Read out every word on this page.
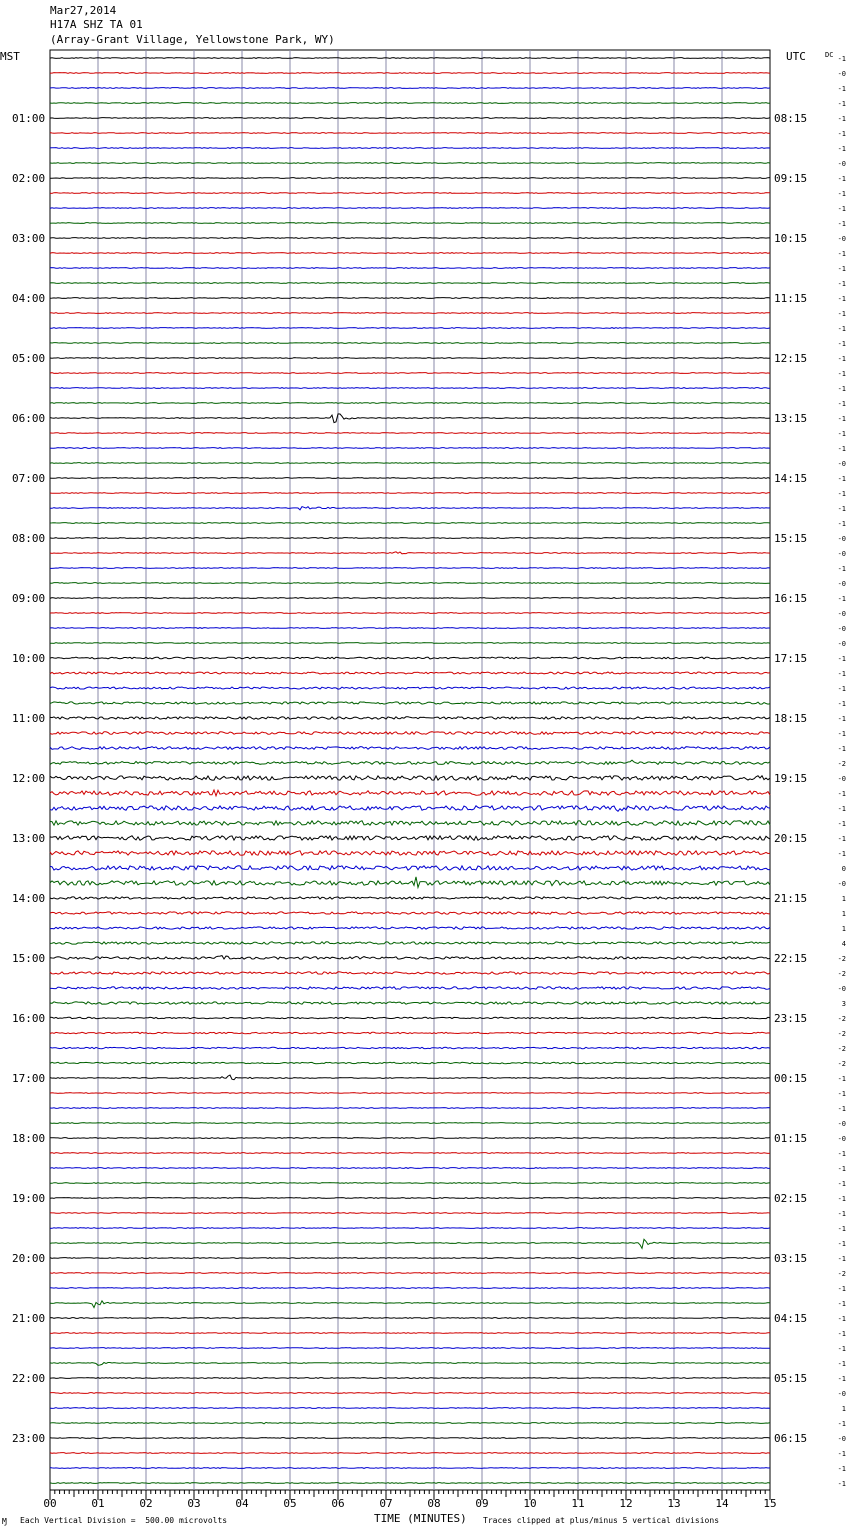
Mar27,2014
H17A SHZ TA 01
(Array-Grant Village, Yellowstone Park, WY)
MST	UTC	DC
00	01	02	03	04	05	06	07	08	09	10	11	12	13	14	15
-1
-0
-1
-1
-1
-1
-1
-0
-1
-1
-1
-1
-0
-1
-1
-1
-1
-1
-1
-1
-1
-1
-1
-1
-1
-1
-1
-0
-1
-1
-1
-1
-0
-0
-1
-0
-1
-0
-0
-0
-1
-1
-1
-1
-1
-1
-1
-2
-0
-1
-1
-1
-1
-1
0
-0
1
1
1
4
-2
-2
-0
3
-2
-2
-2
-2
-1
-1
-1
-0
-0
-1
-1
-1
-1
-1
-1
-1
-1
-2
-1
-1
-1
-1
-1
-1
-1
-0
1
-1
-0
-1
-1
-1
01:00	08:15
02:00	09:15
03:00	10:15
04:00	11:15
05:00	12:15
06:00	13:15
07:00	14:15
08:00	15:15
09:00	16:15
10:00	17:15
11:00	18:15
12:00	19:15
13:00	20:15
14:00	21:15
15:00	22:15
16:00	23:15
17:00	00:15
18:00	01:15
19:00	02:15
20:00	03:15
21:00	04:15
22:00	05:15
23:00	06:15
Ɱ Each Vertical Division =  500.00 microvolts	TIME (MINUTES) Traces clipped at plus/minus 5 vertical divisions
